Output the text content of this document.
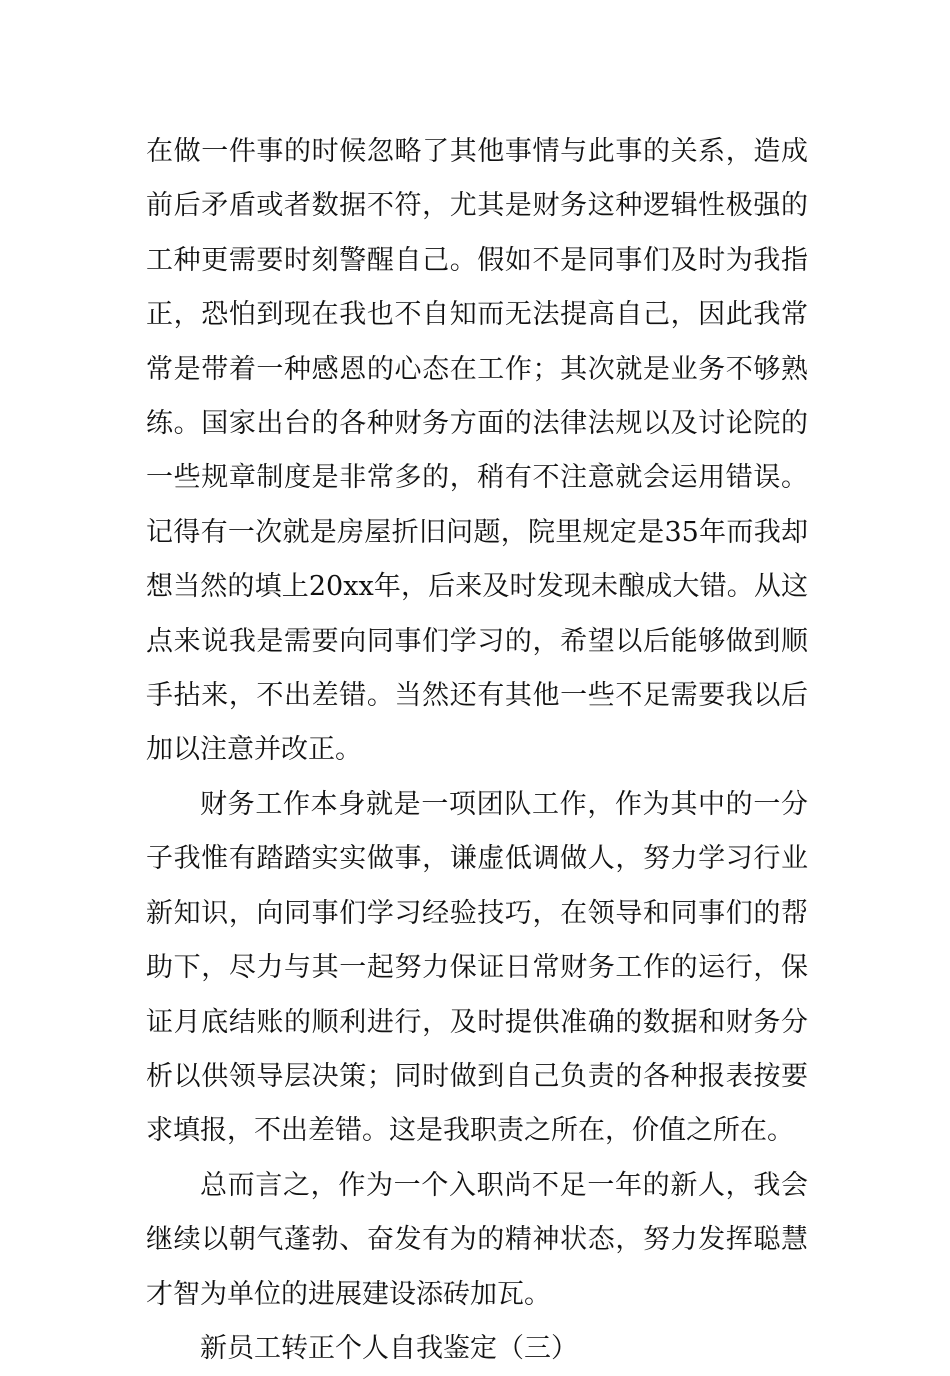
在做一件事的时候忽略了其他事情与此事的关系，造成前后矛盾或者数据不符，尤其是财务这种逻辑性极强的工种更需要时刻警醒自己。假如不是同事们及时为我指正，恐怕到现在我也不自知而无法提高自己，因此我常常是带着一种感恩的心态在工作；其次就是业务不够熟练。国家出台的各种财务方面的法律法规以及讨论院的一些规章制度是非常多的，稍有不注意就会运用错误。记得有一次就是房屋折旧问题，院里规定是35年而我却想当然的填上20xx年，后来及时发现未酿成大错。从这点来说我是需要向同事们学习的，希望以后能够做到顺手拈来，不出差错。当然还有其他一些不足需要我以后加以注意并改正。

财务工作本身就是一项团队工作，作为其中的一分子我惟有踏踏实实做事，谦虚低调做人，努力学习行业新知识，向同事们学习经验技巧，在领导和同事们的帮助下，尽力与其一起努力保证日常财务工作的运行，保证月底结账的顺利进行，及时提供准确的数据和财务分析以供领导层决策；同时做到自己负责的各种报表按要求填报，不出差错。这是我职责之所在，价值之所在。

总而言之，作为一个入职尚不足一年的新人，我会继续以朝气蓬勃、奋发有为的精神状态，努力发挥聪慧才智为单位的进展建设添砖加瓦。

新员工转正个人自我鉴定（三）
